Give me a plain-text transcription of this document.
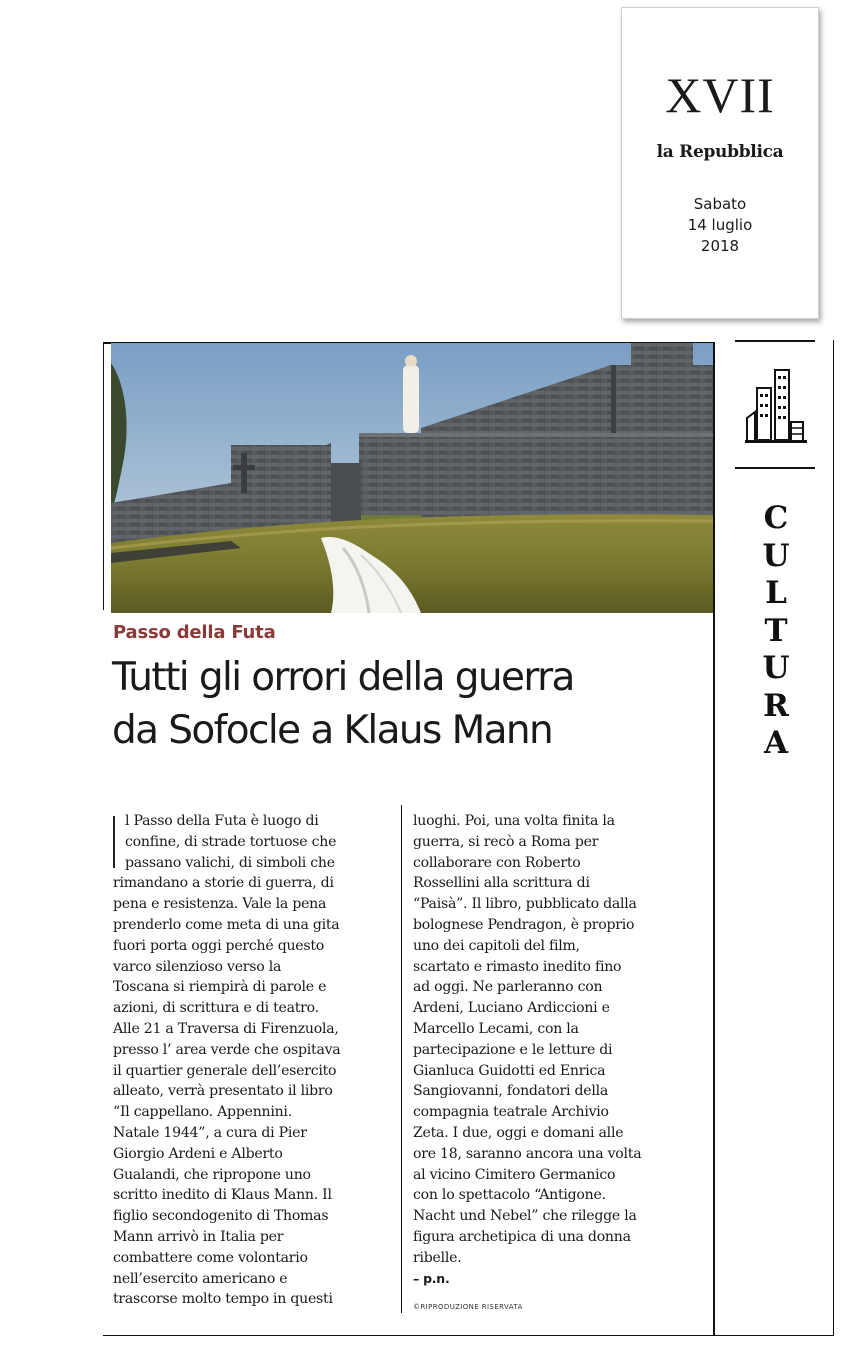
XVII
la Repubblica
Sabato
14 luglio
2018
C
U
L
T
U
R
A
Passo della Futa
Tutti gli orrori della guerra
da Sofocle a Klaus Mann
l Passo della Futa è luogo di
confine, di strade tortuose che
passano valichi, di simboli che
rimandano a storie di guerra, di
pena e resistenza. Vale la pena
prenderlo come meta di una gita
fuori porta oggi perché questo
varco silenzioso verso la
Toscana si riempirà di parole e
azioni, di scrittura e di teatro.
Alle 21 a Traversa di Firenzuola,
presso l’ area verde che ospitava
il quartier generale dell’esercito
alleato, verrà presentato il libro
“Il cappellano. Appennini.
Natale 1944”, a cura di Pier
Giorgio Ardeni e Alberto
Gualandi, che ripropone uno
scritto inedito di Klaus Mann. Il
figlio secondogenito di Thomas
Mann arrivò in Italia per
combattere come volontario
nell’esercito americano e
trascorse molto tempo in questi
luoghi. Poi, una volta finita la
guerra, si recò a Roma per
collaborare con Roberto
Rossellini alla scrittura di
“Paisà”. Il libro, pubblicato dalla
bolognese Pendragon, è proprio
uno dei capitoli del film,
scartato e rimasto inedito fino
ad oggi. Ne parleranno con
Ardeni, Luciano Ardiccioni e
Marcello Lecami, con la
partecipazione e le letture di
Gianluca Guidotti ed Enrica
Sangiovanni, fondatori della
compagnia teatrale Archivio
Zeta. I due, oggi e domani alle
ore 18, saranno ancora una volta
al vicino Cimitero Germanico
con lo spettacolo “Antigone.
Nacht und Nebel” che rilegge la
figura archetipica di una donna
ribelle.
– p.n.
©RIPRODUZIONE RISERVATA
